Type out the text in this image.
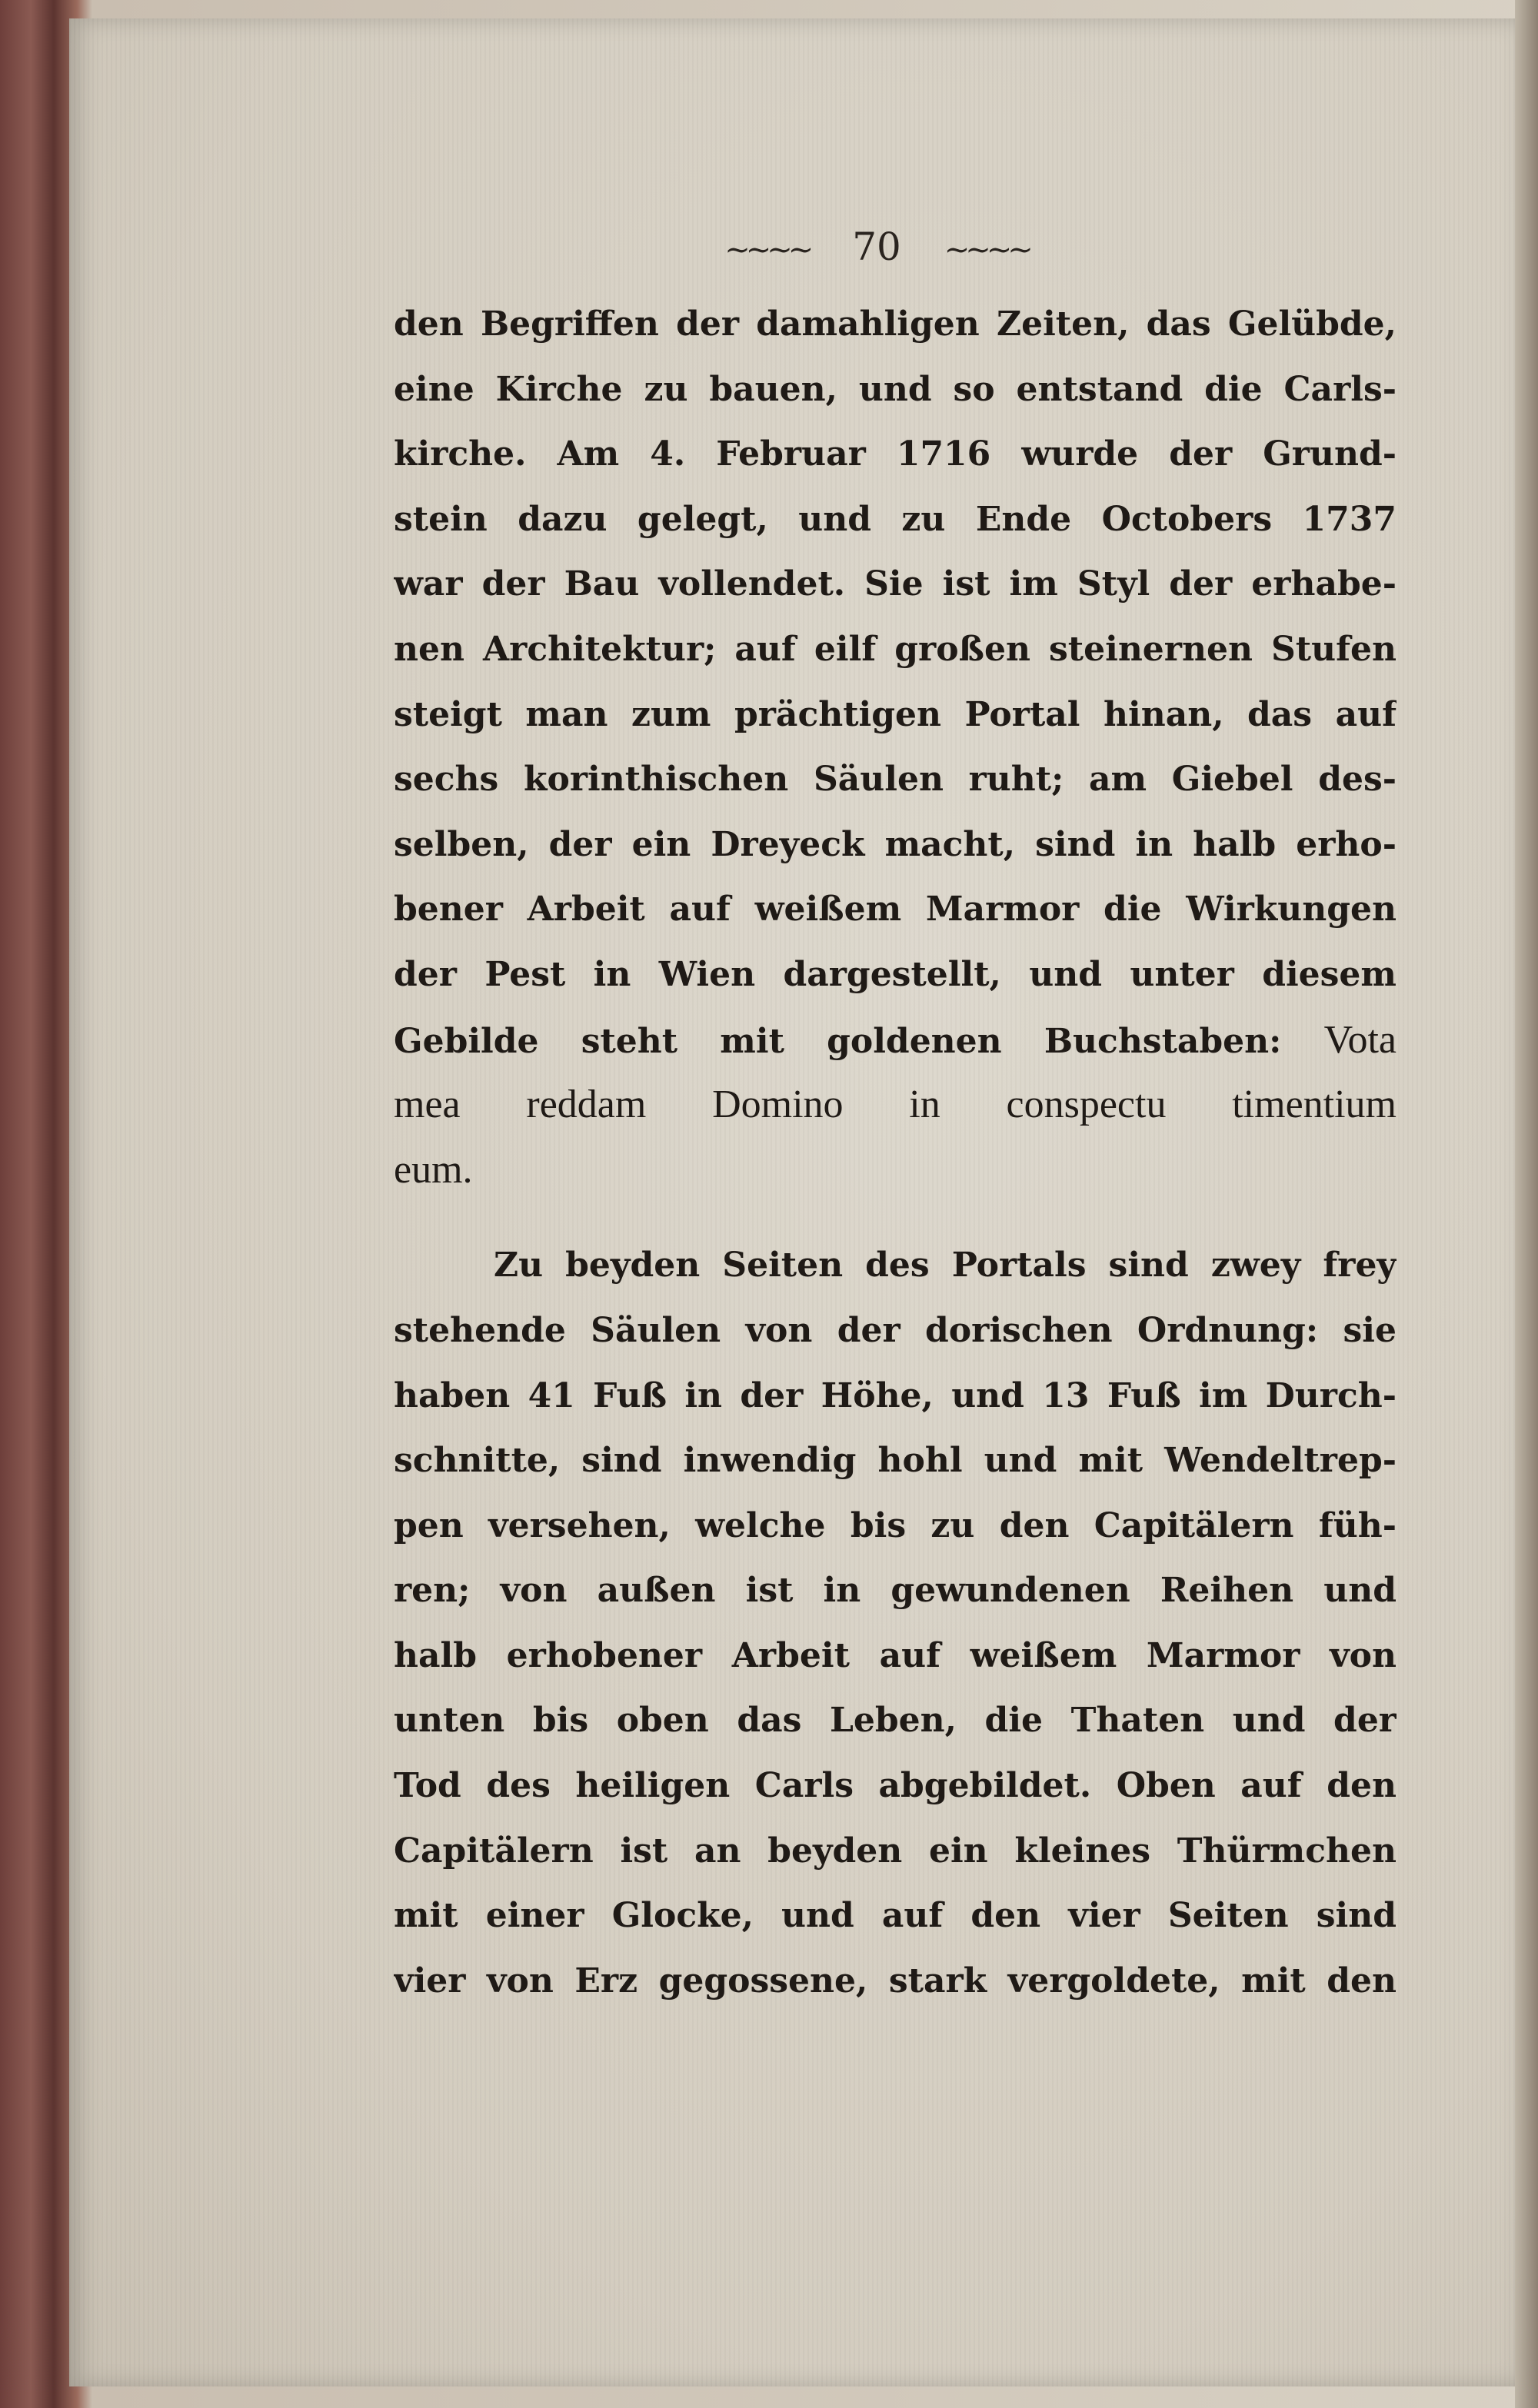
~~~~ 70 ~~~~
den Begriffen der damahligen Zeiten, das Gelübde,
eine Kirche zu bauen, und so entstand die Carls-
kirche. Am 4. Februar 1716 wurde der Grund-
stein dazu gelegt, und zu Ende Octobers 1737
war der Bau vollendet. Sie ist im Styl der erhabe-
nen Architektur; auf eilf großen steinernen Stufen
steigt man zum prächtigen Portal hinan, das auf
sechs korinthischen Säulen ruht; am Giebel des-
selben, der ein Dreyeck macht, sind in halb erho-
bener Arbeit auf weißem Marmor die Wirkungen
der Pest in Wien dargestellt, und unter diesem
Gebilde steht mit goldenen Buchstaben: Vota
mea reddam Domino in conspectu timentium
eum.
Zu beyden Seiten des Portals sind zwey frey
stehende Säulen von der dorischen Ordnung: sie
haben 41 Fuß in der Höhe, und 13 Fuß im Durch-
schnitte, sind inwendig hohl und mit Wendeltrep-
pen versehen, welche bis zu den Capitälern füh-
ren; von außen ist in gewundenen Reihen und
halb erhobener Arbeit auf weißem Marmor von
unten bis oben das Leben, die Thaten und der
Tod des heiligen Carls abgebildet. Oben auf den
Capitälern ist an beyden ein kleines Thürmchen
mit einer Glocke, und auf den vier Seiten sind
vier von Erz gegossene, stark vergoldete, mit den
